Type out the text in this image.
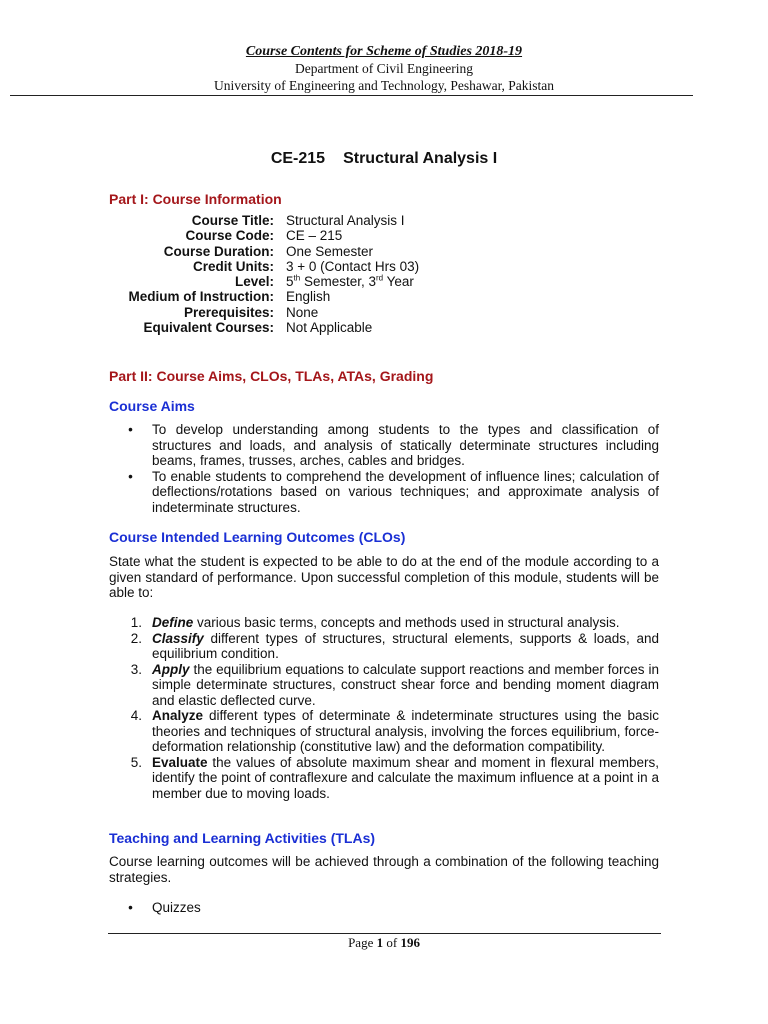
Course Contents for Scheme of Studies 2018-19
Department of Civil Engineering
University of Engineering and Technology, Peshawar, Pakistan
CE-215 Structural Analysis I
Part I: Course Information
Course Title: Structural Analysis I
Course Code: CE – 215
Course Duration: One Semester
Credit Units: 3 + 0 (Contact Hrs 03)
Level: 5th Semester, 3rd Year
Medium of Instruction: English
Prerequisites: None
Equivalent Courses: Not Applicable
Part II: Course Aims, CLOs, TLAs, ATAs, Grading
Course Aims
•	To develop understanding among students to the types and classification of structures and loads, and analysis of statically determinate structures including beams, frames, trusses, arches, cables and bridges.
•	To enable students to comprehend the development of influence lines; calculation of deflections/rotations based on various techniques; and approximate analysis of indeterminate structures.
Course Intended Learning Outcomes (CLOs)
State what the student is expected to be able to do at the end of the module according to a given standard of performance. Upon successful completion of this module, students will be able to:
1. Define various basic terms, concepts and methods used in structural analysis.
2. Classify different types of structures, structural elements, supports & loads, and equilibrium condition.
3. Apply the equilibrium equations to calculate support reactions and member forces in simple determinate structures, construct shear force and bending moment diagram and elastic deflected curve.
4. Analyze different types of determinate & indeterminate structures using the basic theories and techniques of structural analysis, involving the forces equilibrium, force-deformation relationship (constitutive law) and the deformation compatibility.
5. Evaluate the values of absolute maximum shear and moment in flexural members, identify the point of contraflexure and calculate the maximum influence at a point in a member due to moving loads.
Teaching and Learning Activities (TLAs)
Course learning outcomes will be achieved through a combination of the following teaching strategies.
•	Quizzes
Page 1 of 196
